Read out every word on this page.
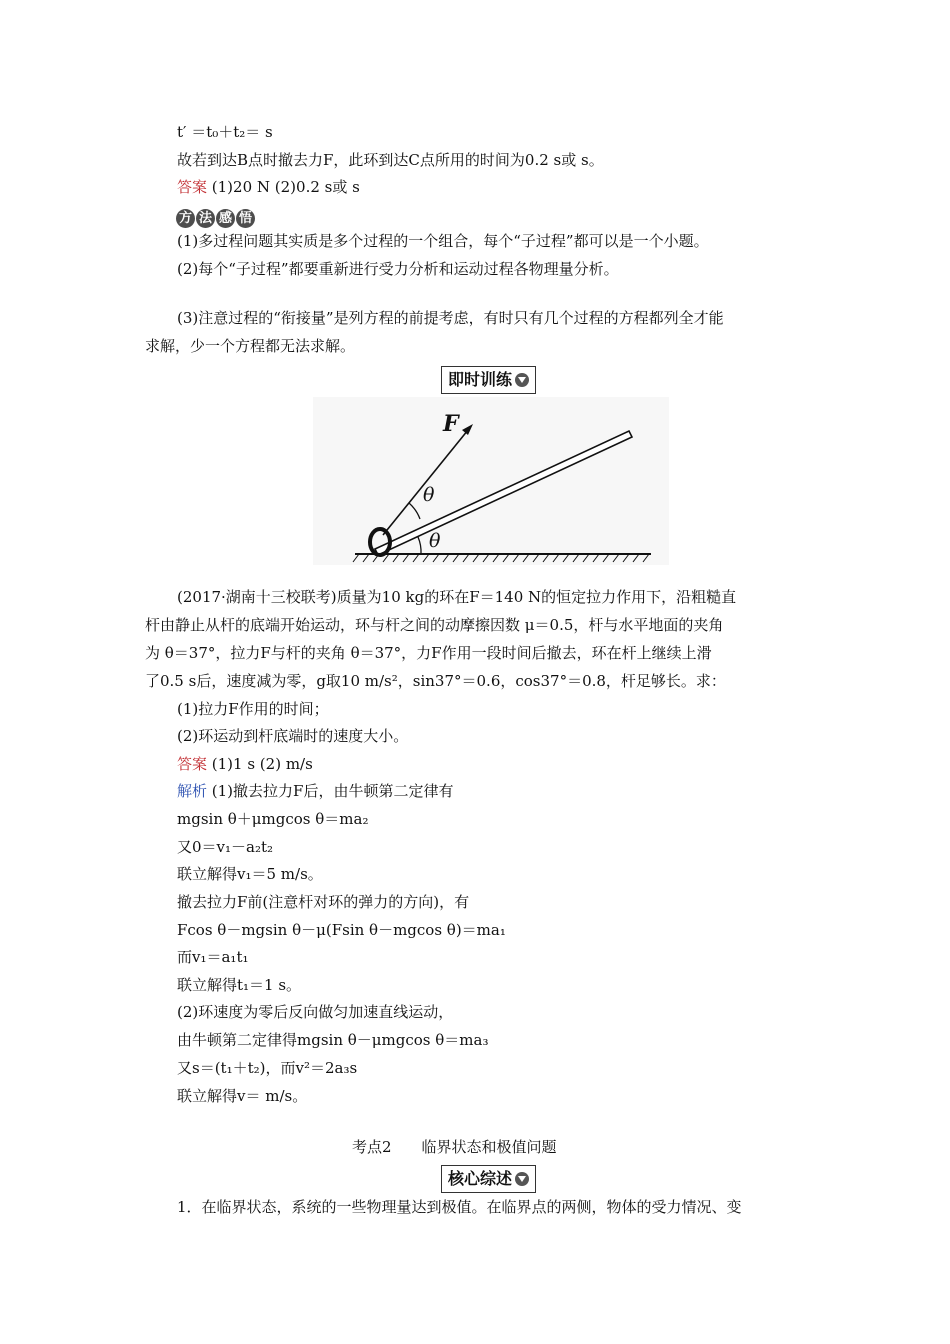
t′ ＝t₀＋t₂＝ s
故若到达B点时撤去力F，此环到达C点所用的时间为0.2 s或 s。
答案 (1)20 N (2)0.2 s或 s
方 法 感 悟
(1)多过程问题其实质是多个过程的一个组合，每个“子过程”都可以是一个小题。
(2)每个“子过程”都要重新进行受力分析和运动过程各物理量分析。
(3)注意过程的“衔接量”是列方程的前提考虑，有时只有几个过程的方程都列全才能
求解，少一个方程都无法求解。
即时训练
F
θ
θ
(2017·湖南十三校联考)质量为10 kg的环在F＝140 N的恒定拉力作用下，沿粗糙直
杆由静止从杆的底端开始运动，环与杆之间的动摩擦因数 μ＝0.5，杆与水平地面的夹角
为 θ＝37°，拉力F与杆的夹角 θ＝37°，力F作用一段时间后撤去，环在杆上继续上滑
了0.5 s后，速度减为零，g取10 m/s²，sin37°＝0.6，cos37°＝0.8，杆足够长。求：
(1)拉力F作用的时间；
(2)环运动到杆底端时的速度大小。
答案 (1)1 s (2) m/s
解析 (1)撤去拉力F后，由牛顿第二定律有
mgsin θ＋μmgcos θ＝ma₂
又0＝v₁－a₂t₂
联立解得v₁＝5 m/s。
撤去拉力F前(注意杆对环的弹力的方向)，有
Fcos θ－mgsin θ－μ(Fsin θ－mgcos θ)＝ma₁
而v₁＝a₁t₁
联立解得t₁＝1 s。
(2)环速度为零后反向做匀加速直线运动，
由牛顿第二定律得mgsin θ－μmgcos θ＝ma₃
又s＝(t₁＋t₂)，而v²＝2a₃s
联立解得v＝ m/s。
考点2　　临界状态和极值问题
核心综述
1．在临界状态，系统的一些物理量达到极值。在临界点的两侧，物体的受力情况、变
